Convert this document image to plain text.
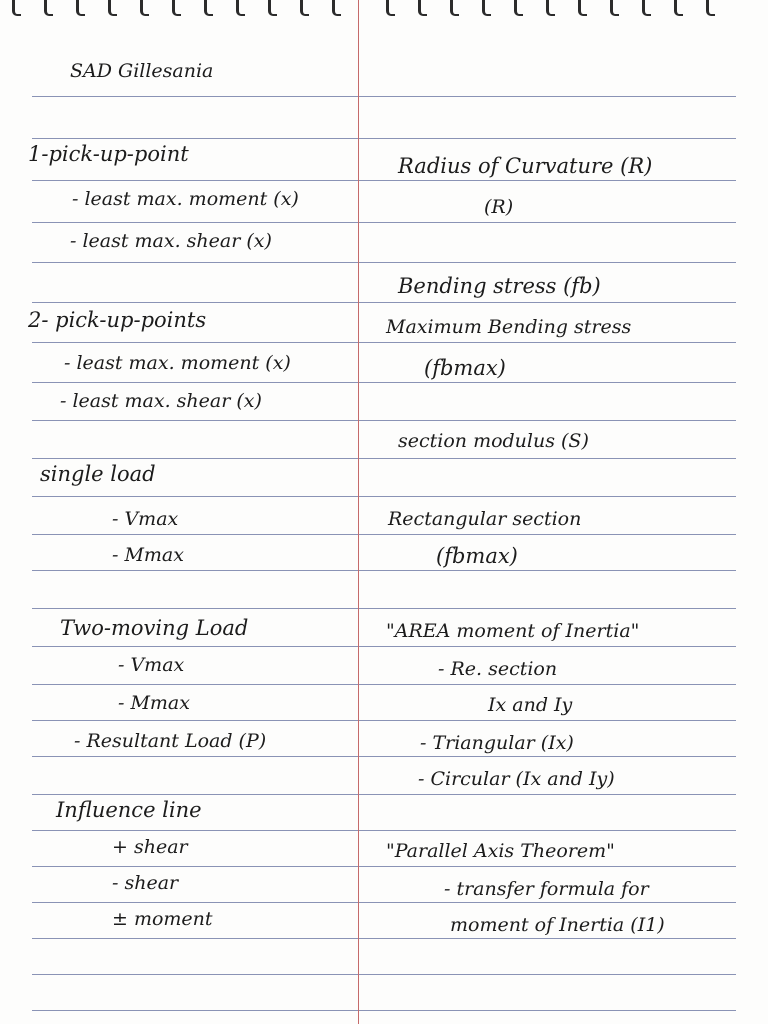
SAD Gillesania
1-pick-up-point
- least max. moment (x)
- least max. shear (x)
2- pick-up-points
- least max. moment (x)
- least max. shear (x)
single load
- Vmax
- Mmax
Two-moving Load
- Vmax
- Mmax
- Resultant Load (P)
Influence line
+ shear
- shear
± moment
Radius of Curvature (R)
(R)
Bending stress (fb)
Maximum Bending stress
(fbmax)
section modulus (S)
Rectangular section
(fbmax)
"AREA moment of Inertia"
- Re. section
Ix and Iy
- Triangular (Ix)
- Circular (Ix and Iy)
"Parallel Axis Theorem"
- transfer formula for
moment of Inertia (I1)
